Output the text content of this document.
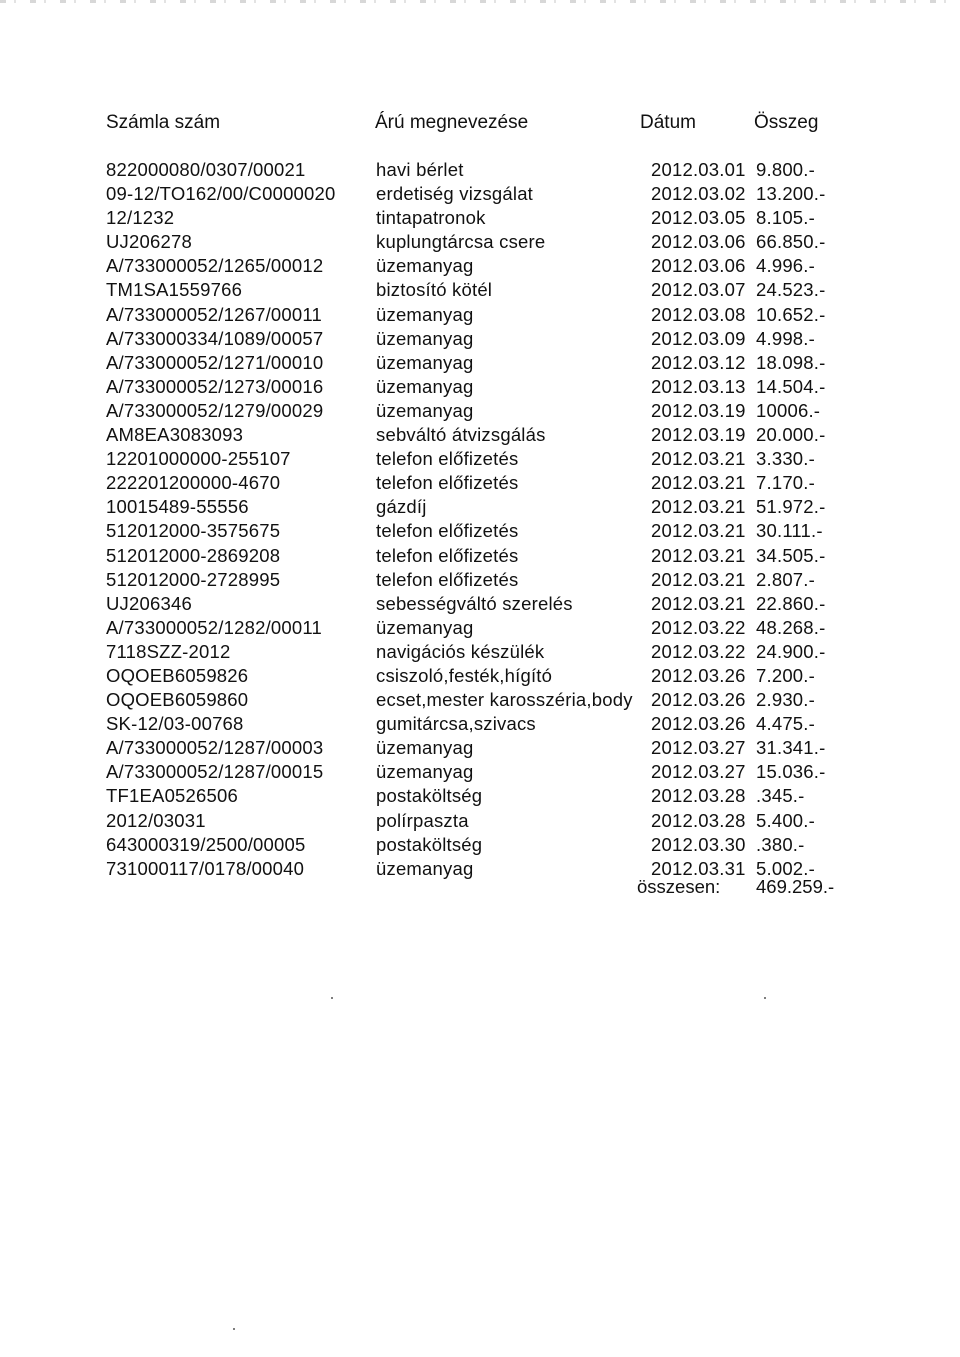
Számla szám	Árú megnevezése	Dátum	Összeg
822000080/0307/00021	havi bérlet	2012.03.01 9.800.-
09-12/TO162/00/C0000020 erdetiség vizsgálat	2012.03.02 13.200.-
12/1232	tintapatronok	2012.03.05 8.105.-
UJ206278	kuplungtárcsa csere	2012.03.06 66.850.-
A/733000052/1265/00012	üzemanyag	2012.03.06 4.996.-
TM1SA1559766	biztosító kötél	2012.03.07 24.523.-
A/733000052/1267/00011	üzemanyag	2012.03.08 10.652.-
A/733000334/1089/00057	üzemanyag	2012.03.09 4.998.-
A/733000052/1271/00010	üzemanyag	2012.03.12 18.098.-
A/733000052/1273/00016	üzemanyag	2012.03.13 14.504.-
A/733000052/1279/00029	üzemanyag	2012.03.19 10006.-
AM8EA3083093	sebváltó átvizsgálás	2012.03.19 20.000.-
12201000000-255107	telefon előfizetés	2012.03.21 3.330.-
222201200000-4670	telefon előfizetés	2012.03.21 7.170.-
10015489-55556	gázdíj	2012.03.21 51.972.-
512012000-3575675	telefon előfizetés	2012.03.21 30.111.-
512012000-2869208	telefon előfizetés	2012.03.21 34.505.-
512012000-2728995	telefon előfizetés	2012.03.21 2.807.-
UJ206346	sebességváltó szerelés	2012.03.21 22.860.-
A/733000052/1282/00011	üzemanyag	2012.03.22 48.268.-
7118SZZ-2012	navigációs készülék	2012.03.22 24.900.-
OQOEB6059826	csiszoló,festék,hígító	2012.03.26 7.200.-
OQOEB6059860	ecset,mester karosszéria,body 2012.03.26 2.930.-
SK-12/03-00768	gumitárcsa,szivacs	2012.03.26 4.475.-
A/733000052/1287/00003	üzemanyag	2012.03.27 31.341.-
A/733000052/1287/00015	üzemanyag	2012.03.27 15.036.-
TF1EA0526506	postaköltség	2012.03.28 .345.-
2012/03031	polírpaszta	2012.03.28 5.400.-
643000319/2500/00005	postaköltség	2012.03.30 .380.-
731000117/0178/00040	üzemanyag	2012.03.31 5.002.-
összesen: 469.259.-
